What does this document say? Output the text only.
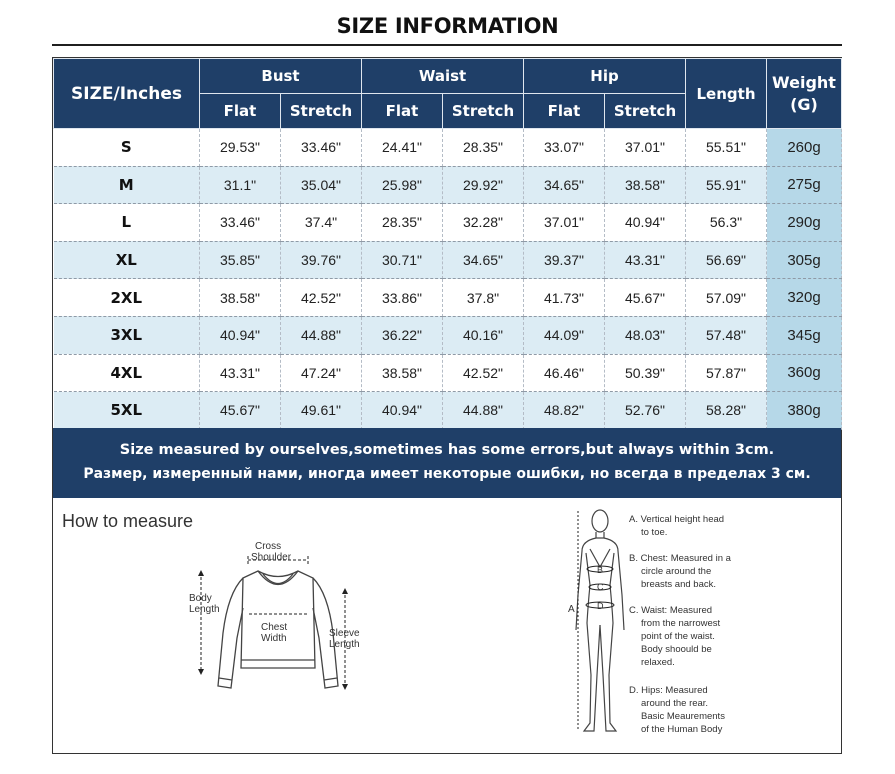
SIZE INFORMATION
SIZE/Inches	Bust		Waist		Hip		Length	Weight
(G)
	Flat	Stretch	Flat	Stretch	Flat	Stretch		
S	29.53"	33.46"	24.41"	28.35"	33.07"	37.01"	55.51"	260g
M	31.1"	35.04"	25.98"	29.92"	34.65"	38.58"	55.91"	275g
L	33.46"	37.4"	28.35"	32.28"	37.01"	40.94"	56.3"	290g
XL	35.85"	39.76"	30.71"	34.65"	39.37"	43.31"	56.69"	305g
2XL	38.58"	42.52"	33.86"	37.8"	41.73"	45.67"	57.09"	320g
3XL	40.94"	44.88"	36.22"	40.16"	44.09"	48.03"	57.48"	345g
4XL	43.31"	47.24"	38.58"	42.52"	46.46"	50.39"	57.87"	360g
5XL	45.67"	49.61"	40.94"	44.88"	48.82"	52.76"	58.28"	380g
Size measured by ourselves,sometimes has some errors,but always within 3cm.
Размер, измеренный нами, иногда имеет некоторые ошибки, но всегда в пределах 3 см.
How to measure
Cross
Shoulder
Body
Length
Chest
Width	Sleeve
Length
A
B
C
D
A. Vertical height head to toe. B. Chest: Measured in a circle around the breasts and back. C. Waist: Measured from the narrowest point of the waist. Body shoould be relaxed. D. Hips: Measured around the rear. Basic Meaurements of the Human Body
